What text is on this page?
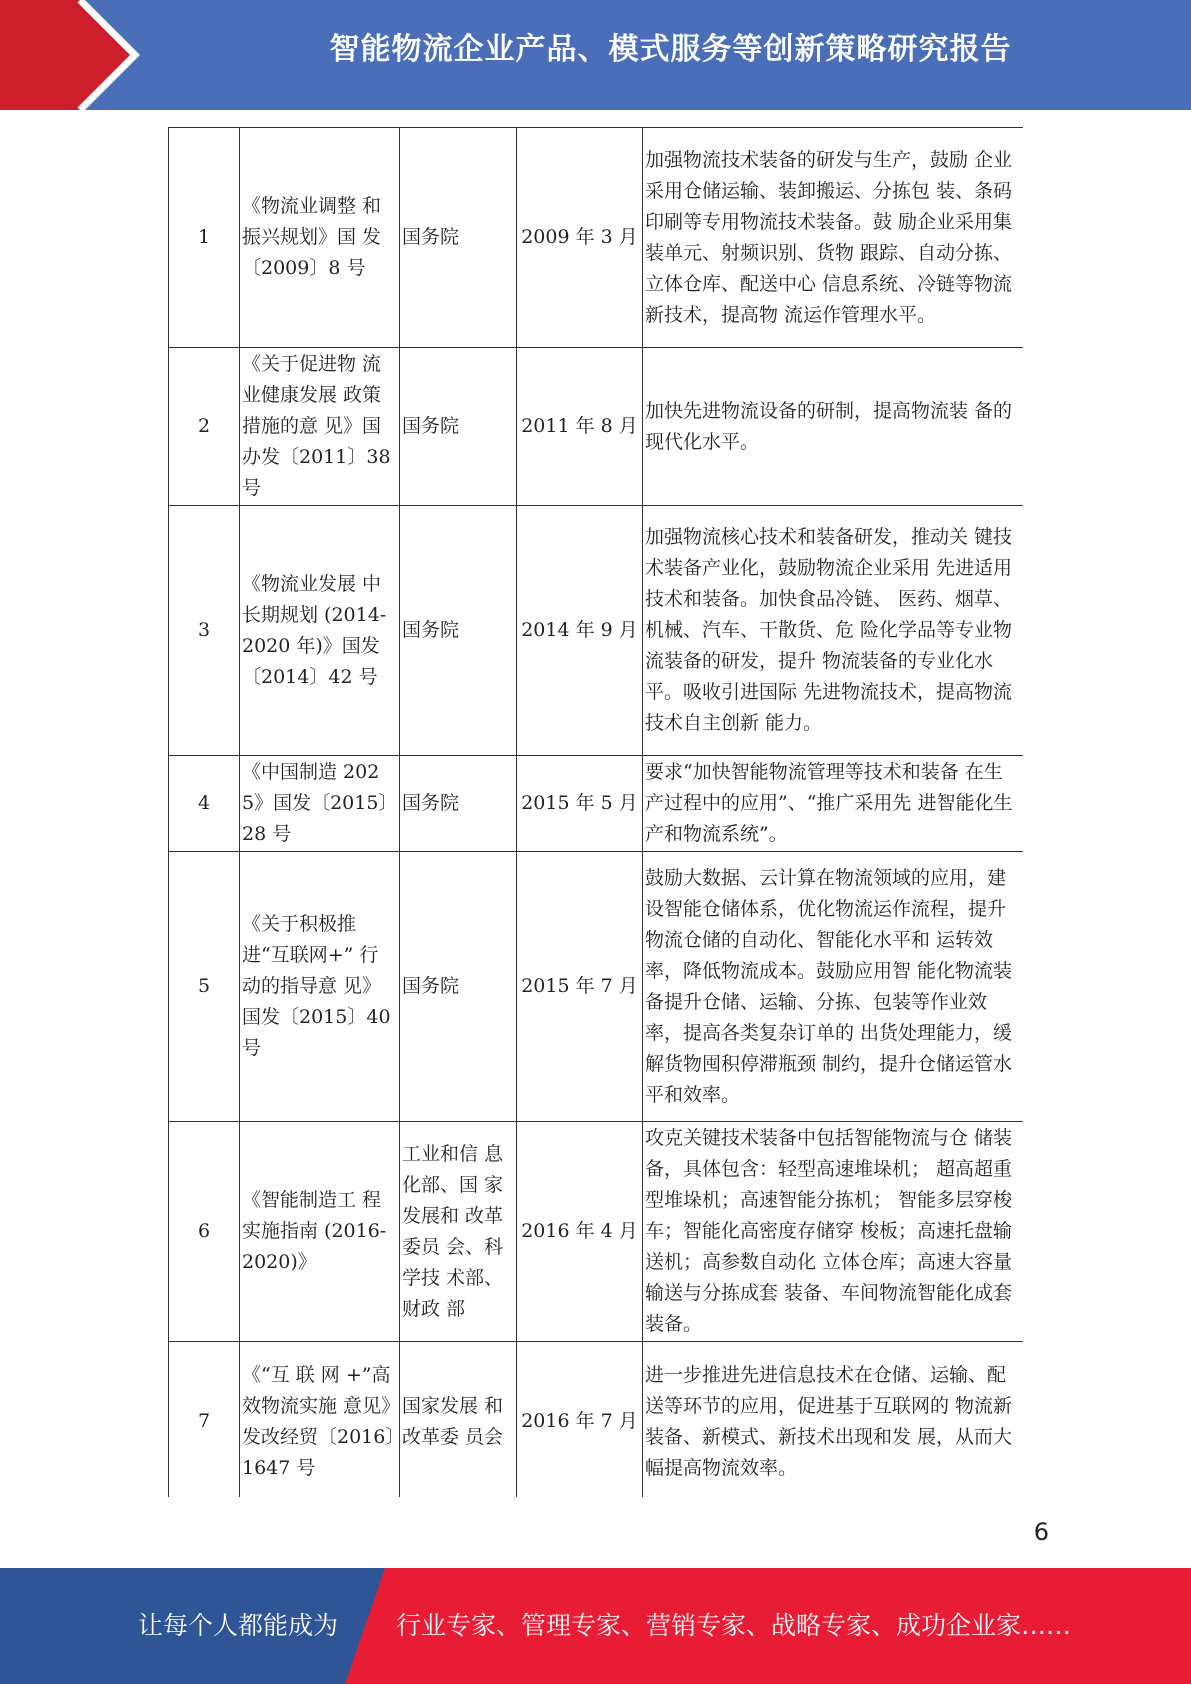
智能物流企业产品、模式服务等创新策略研究报告
1	《物流业调整 和振兴规划》国 发〔2009〕8 号	国务院	2009 年 3 月	加强物流技术装备的研发与生产，鼓励 企业采用仓储运输、装卸搬运、分拣包 装、条码印刷等专用物流技术装备。鼓 励企业采用集装单元、射频识别、货物 跟踪、自动分拣、立体仓库、配送中心 信息系统、冷链等物流新技术，提高物 流运作管理水平。
2	《关于促进物 流业健康发展 政策措施的意 见》国办发〔2011〕38 号	国务院	2011 年 8 月	加快先进物流设备的研制，提高物流装 备的现代化水平。
3	《物流业发展 中长期规划 (2014-2020 年)》国发〔2014〕42 号	国务院	2014 年 9 月	加强物流核心技术和装备研发，推动关 键技术装备产业化，鼓励物流企业采用 先进适用技术和装备。加快食品冷链、 医药、烟草、机械、汽车、干散货、危 险化学品等专业物流装备的研发，提升 物流装备的专业化水平。吸收引进国际 先进物流技术，提高物流技术自主创新 能力。
4	《中国制造 2025》国发〔2015〕28 号	国务院	2015 年 5 月	要求“加快智能物流管理等技术和装备 在生产过程中的应用”、“推广采用先 进智能化生产和物流系统”。
5	《关于积极推 进“互联网+” 行动的指导意 见》国发〔2015〕40 号	国务院	2015 年 7 月	鼓励大数据、云计算在物流领域的应用，建设智能仓储体系，优化物流运作流程，提升物流仓储的自动化、智能化水平和 运转效率，降低物流成本。鼓励应用智 能化物流装备提升仓储、运输、分拣、包装等作业效率，提高各类复杂订单的 出货处理能力，缓解货物囤积停滞瓶颈 制约，提升仓储运管水平和效率。
6	《智能制造工 程实施指南 (2016-2020)》	工业和信 息化部、国 家发展和 改革委员 会、科学技 术部、财政 部	2016 年 4 月	攻克关键技术装备中包括智能物流与仓 储装备，具体包含：轻型高速堆垛机； 超高超重型堆垛机；高速智能分拣机； 智能多层穿梭车；智能化高密度存储穿 梭板；高速托盘输送机；高参数自动化 立体仓库；高速大容量输送与分拣成套 装备、车间物流智能化成套装备。
7	《“互 联 网 +”高效物流实施 意见》发改经贸〔2016〕1647 号	国家发展 和改革委 员会	2016 年 7 月	进一步推进先进信息技术在仓储、运输、配送等环节的应用，促进基于互联网的 物流新装备、新模式、新技术出现和发 展，从而大幅提高物流效率。
6
让每个人都能成为 行业专家、管理专家、营销专家、战略专家、成功企业家……
